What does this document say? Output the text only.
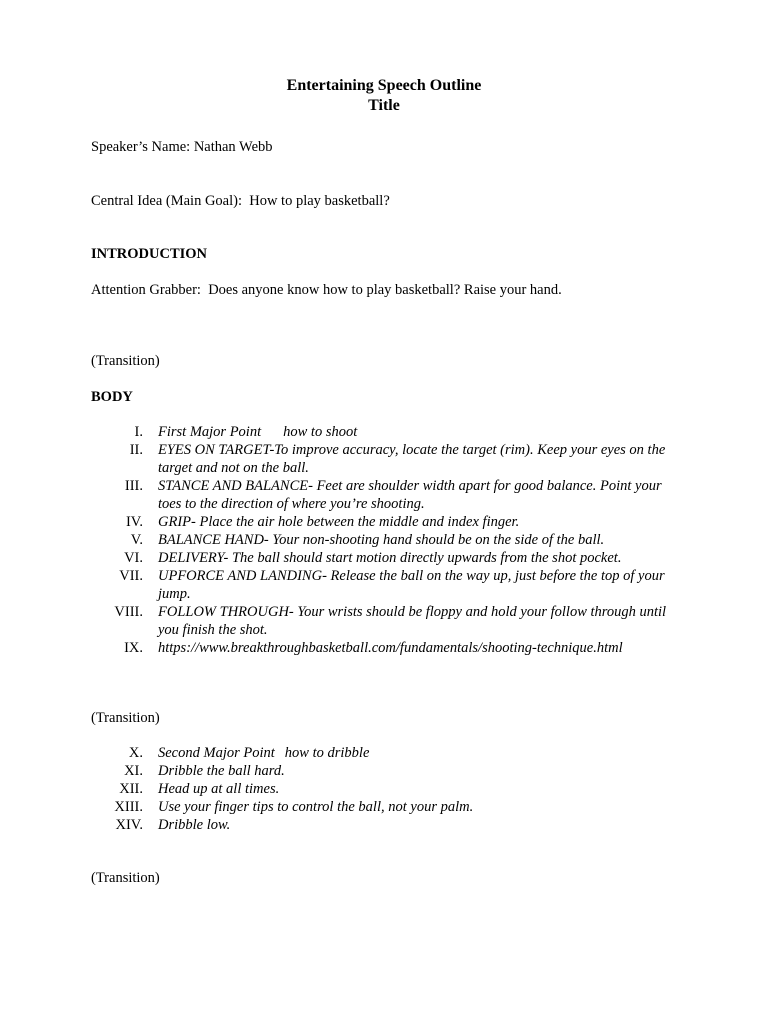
Entertaining Speech Outline
Title
Speaker’s Name: Nathan Webb
Central Idea (Main Goal):  How to play basketball?
INTRODUCTION
Attention Grabber:  Does anyone know how to play basketball? Raise your hand.
(Transition)
BODY
I. First Major Point how to shoot
II. EYES ON TARGET-To improve accuracy, locate the target (rim). Keep your eyes on the target and not on the ball.
III. STANCE AND BALANCE- Feet are shoulder width apart for good balance. Point your toes to the direction of where you’re shooting.
IV. GRIP- Place the air hole between the middle and index finger.
V. BALANCE HAND- Your non-shooting hand should be on the side of the ball.
VI. DELIVERY- The ball should start motion directly upwards from the shot pocket.
VII. UPFORCE AND LANDING- Release the ball on the way up, just before the top of your jump.
VIII. FOLLOW THROUGH- Your wrists should be floppy and hold your follow through until you finish the shot.
IX. https://www.breakthroughbasketball.com/fundamentals/shooting-technique.html
(Transition)
X. Second Major Point how to dribble
XI. Dribble the ball hard.
XII. Head up at all times.
XIII. Use your finger tips to control the ball, not your palm.
XIV. Dribble low.
(Transition)
